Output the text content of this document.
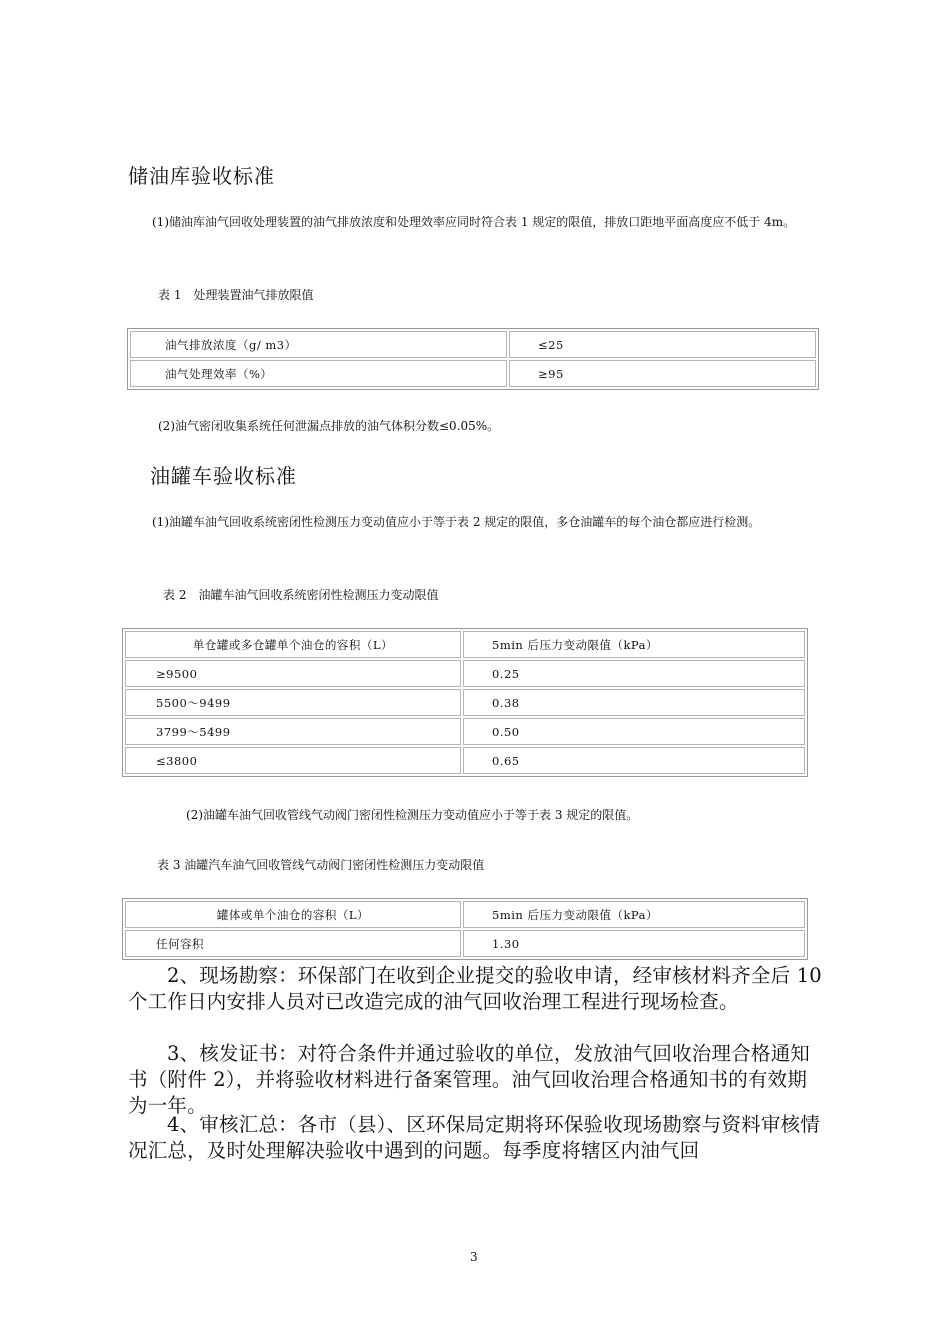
储油库验收标准
(1)储油库油气回收处理装置的油气排放浓度和处理效率应同时符合表 1 规定的限值，排放口距地平面高度应不低于 4m。
表 1　处理装置油气排放限值
油气排放浓度（g/ m3）	≤25
油气处理效率（%）	≥95
(2)油气密闭收集系统任何泄漏点排放的油气体积分数≤0.05%。
油罐车验收标准
(1)油罐车油气回收系统密闭性检测压力变动值应小于等于表 2 规定的限值，多仓油罐车的每个油仓都应进行检测。
表 2　油罐车油气回收系统密闭性检测压力变动限值
单仓罐或多仓罐单个油仓的容积（L）	5min 后压力变动限值（kPa）
≥9500	0.25
5500～9499	0.38
3799～5499	0.50
≤3800	0.65
(2)油罐车油气回收管线气动阀门密闭性检测压力变动值应小于等于表 3 规定的限值。
表 3 油罐汽车油气回收管线气动阀门密闭性检测压力变动限值
罐体或单个油仓的容积（L）	5min 后压力变动限值（kPa）
任何容积	1.30
2、现场勘察：环保部门在收到企业提交的验收申请，经审核材料齐全后 10 个工作日内安排人员对已改造完成的油气回收治理工程进行现场检查。
3、核发证书：对符合条件并通过验收的单位，发放油气回收治理合格通知书（附件 2），并将验收材料进行备案管理。油气回收治理合格通知书的有效期为一年。
4、审核汇总：各市（县）、区环保局定期将环保验收现场勘察与资料审核情况汇总，及时处理解决验收中遇到的问题。每季度将辖区内油气回
3
